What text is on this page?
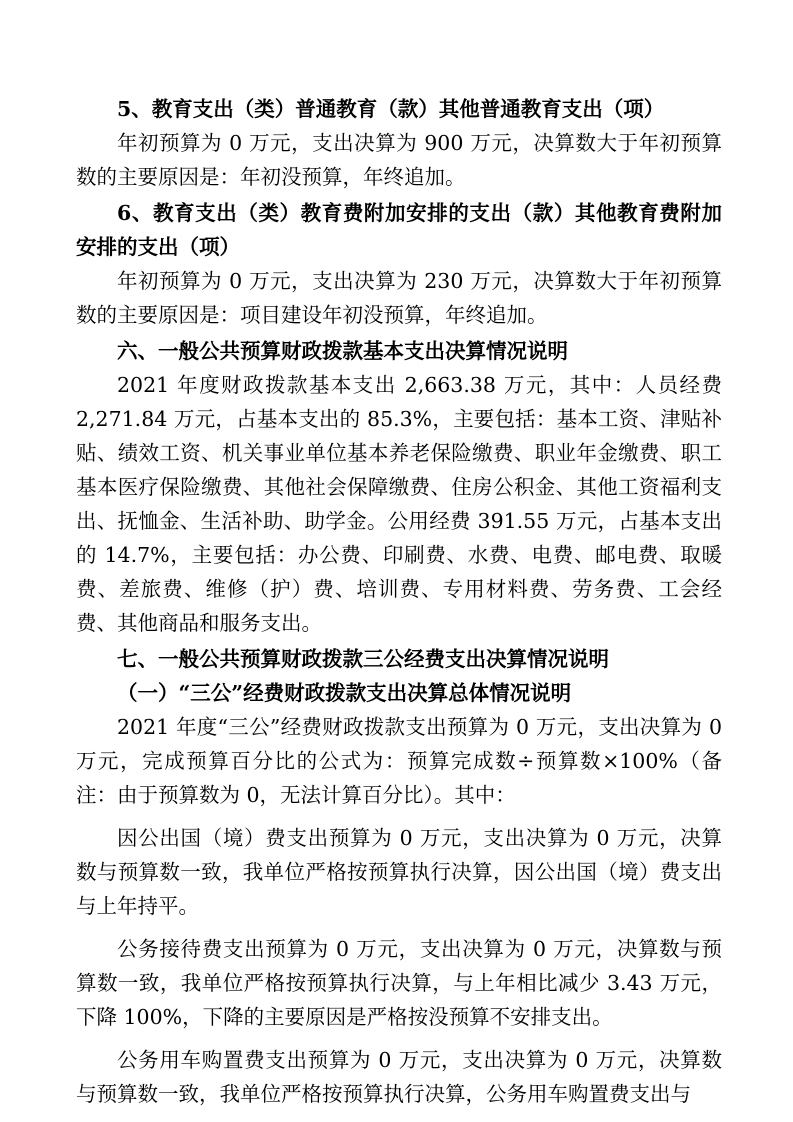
5、教育支出（类）普通教育（款）其他普通教育支出（项）

年初预算为 0 万元，支出决算为 900 万元，决算数大于年初预算数的主要原因是：年初没预算，年终追加。

6、教育支出（类）教育费附加安排的支出（款）其他教育费附加安排的支出（项）

年初预算为 0 万元，支出决算为 230 万元，决算数大于年初预算数的主要原因是：项目建设年初没预算，年终追加。

六、一般公共预算财政拨款基本支出决算情况说明

2021 年度财政拨款基本支出 2,663.38 万元，其中：人员经费 2,271.84 万元，占基本支出的 85.3%，主要包括：基本工资、津贴补贴、绩效工资、机关事业单位基本养老保险缴费、职业年金缴费、职工基本医疗保险缴费、其他社会保障缴费、住房公积金、其他工资福利支出、抚恤金、生活补助、助学金。公用经费 391.55 万元，占基本支出的 14.7%，主要包括：办公费、印刷费、水费、电费、邮电费、取暖费、差旅费、维修（护）费、培训费、专用材料费、劳务费、工会经费、其他商品和服务支出。

七、一般公共预算财政拨款三公经费支出决算情况说明

（一）“三公”经费财政拨款支出决算总体情况说明

2021 年度“三公”经费财政拨款支出预算为 0 万元，支出决算为 0 万元，完成预算百分比的公式为：预算完成数÷预算数×100%（备注：由于预算数为 0，无法计算百分比）。其中：

因公出国（境）费支出预算为 0 万元，支出决算为 0 万元，决算数与预算数一致，我单位严格按预算执行决算，因公出国（境）费支出与上年持平。

公务接待费支出预算为 0 万元，支出决算为 0 万元，决算数与预算数一致，我单位严格按预算执行决算，与上年相比减少 3.43 万元，下降 100%，下降的主要原因是严格按没预算不安排支出。

公务用车购置费支出预算为 0 万元，支出决算为 0 万元，决算数与预算数一致，我单位严格按预算执行决算，公务用车购置费支出与
